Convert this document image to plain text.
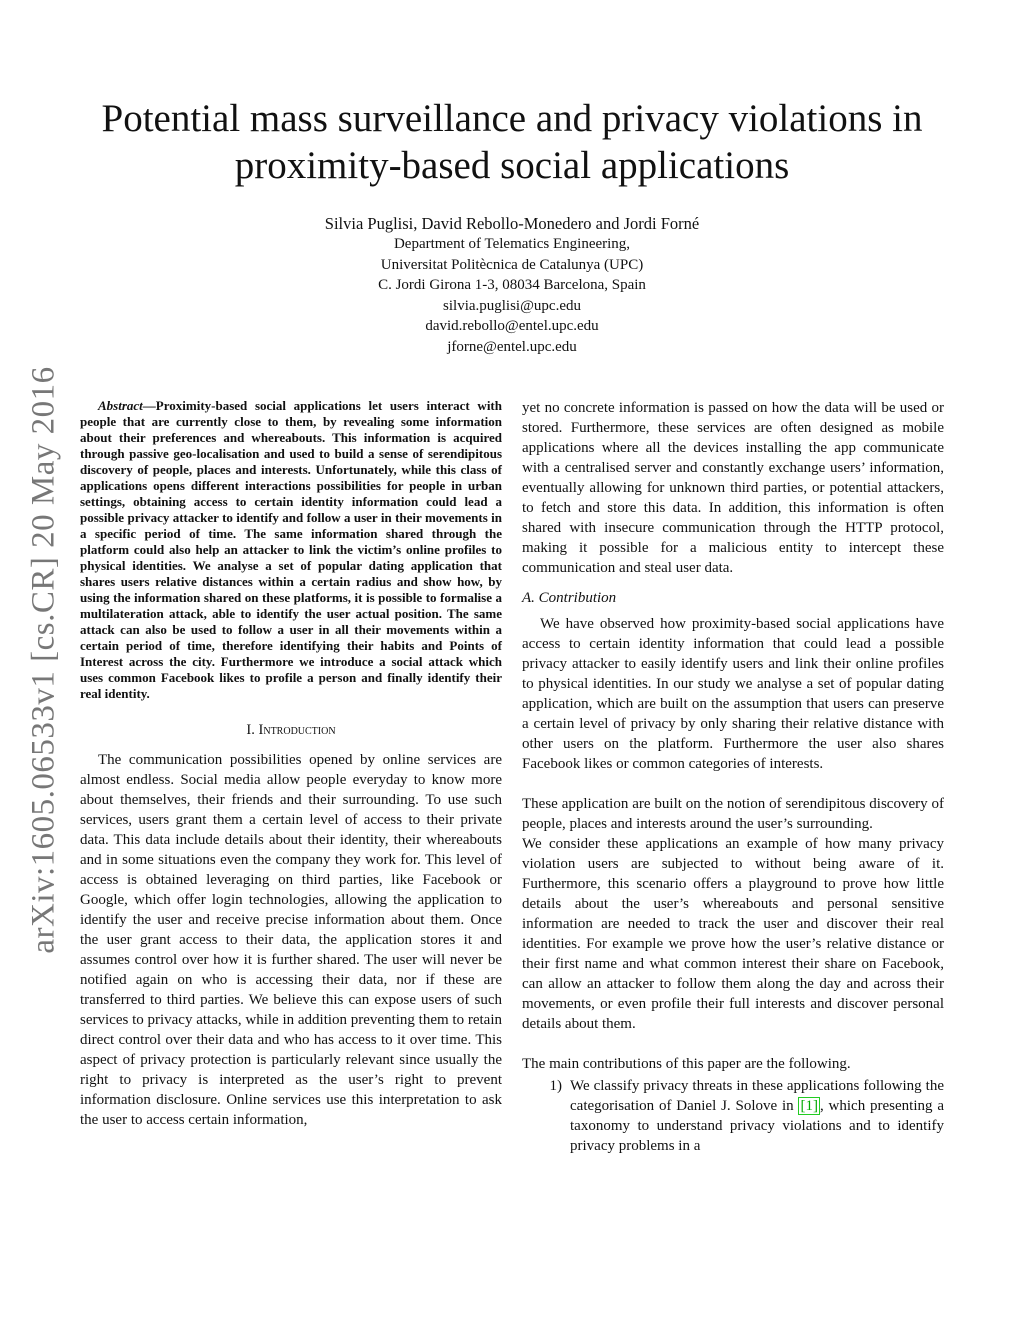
arXiv:1605.06533v1 [cs.CR] 20 May 2016
Potential mass surveillance and privacy violations in proximity-based social applications
Silvia Puglisi, David Rebollo-Monedero and Jordi Forné
Department of Telematics Engineering,
Universitat Politècnica de Catalunya (UPC)
C. Jordi Girona 1-3, 08034 Barcelona, Spain
silvia.puglisi@upc.edu
david.rebollo@entel.upc.edu
jforne@entel.upc.edu

Abstract—Proximity-based social applications let users interact with people that are currently close to them, by revealing some information about their preferences and whereabouts. This information is acquired through passive geo-localisation and used to build a sense of serendipitous discovery of people, places and interests. Unfortunately, while this class of applications opens different interactions possibilities for people in urban settings, obtaining access to certain identity information could lead a possible privacy attacker to identify and follow a user in their movements in a specific period of time. The same information shared through the platform could also help an attacker to link the victim’s online profiles to physical identities. We analyse a set of popular dating application that shares users relative distances within a certain radius and show how, by using the information shared on these platforms, it is possible to formalise a multilateration attack, able to identify the user actual position. The same attack can also be used to follow a user in all their movements within a certain period of time, therefore identifying their habits and Points of Interest across the city. Furthermore we introduce a social attack which uses common Facebook likes to profile a person and finally identify their real identity.

I. Introduction

The communication possibilities opened by online services are almost endless. Social media allow people everyday to know more about themselves, their friends and their surrounding. To use such services, users grant them a certain level of access to their private data. This data include details about their identity, their whereabouts and in some situations even the company they work for. This level of access is obtained leveraging on third parties, like Facebook or Google, which offer login technologies, allowing the application to identify the user and receive precise information about them. Once the user grant access to their data, the application stores it and assumes control over how it is further shared. The user will never be notified again on who is accessing their data, nor if these are transferred to third parties. We believe this can expose users of such services to privacy attacks, while in addition preventing them to retain direct control over their data and who has access to it over time. This aspect of privacy protection is particularly relevant since usually the right to privacy is interpreted as the user’s right to prevent information disclosure. Online services use this interpretation to ask the user to access certain information,

yet no concrete information is passed on how the data will be used or stored. Furthermore, these services are often designed as mobile applications where all the devices installing the app communicate with a centralised server and constantly exchange users’ information, eventually allowing for unknown third parties, or potential attackers, to fetch and store this data. In addition, this information is often shared with insecure communication through the HTTP protocol, making it possible for a malicious entity to intercept these communication and steal user data.

A. Contribution

We have observed how proximity-based social applications have access to certain identity information that could lead a possible privacy attacker to easily identify users and link their online profiles to physical identities. In our study we analyse a set of popular dating application, which are built on the assumption that users can preserve a certain level of privacy by only sharing their relative distance with other users on the platform. Furthermore the user also shares Facebook likes or common categories of interests.

These application are built on the notion of serendipitous discovery of people, places and interests around the user’s surrounding.

We consider these applications an example of how many privacy violation users are subjected to without being aware of it. Furthermore, this scenario offers a playground to prove how little details about the user’s whereabouts and personal sensitive information are needed to track the user and discover their real identities. For example we prove how the user’s relative distance or their first name and what common interest their share on Facebook, can allow an attacker to follow them along the day and across their movements, or even profile their full interests and discover personal details about them.

The main contributions of this paper are the following.

1) We classify privacy threats in these applications following the categorisation of Daniel J. Solove in [1] , which presenting a taxonomy to understand privacy violations and to identify privacy problems in a
